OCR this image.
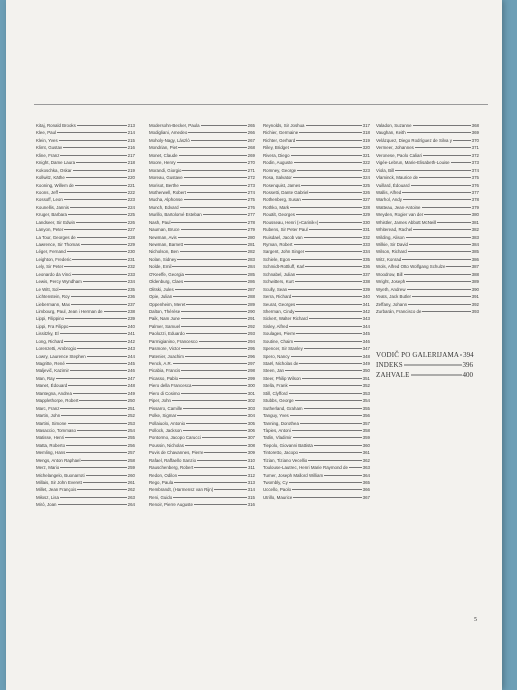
Kitaj, Ronald Brooks	213
Klee, Paul	214
Klein, Yves	215
Klimt, Gustav	216
Kline, Franz	217
Knight, Dame Laura	218
Kokoschka, Oskar	219
Kollwitz, Käthe	220
Kooning, Willem de	221
Koons, Jeff	222
Kossoff, Leon	223
Kounellis, Jannis	224
Kruger, Barbara	225
Landseer, Sir Edwin	226
Lanyon, Peter	227
La Tour, Georges de	228
Lawrence, Sir Thomas	229
Léger, Fernand	230
Leighton, Frederic	231
Lely, Sir Peter	232
Leonardo da Vinci	233
Lewis, Percy Wyndham	234
Le Witt, Sol	235
Lichtenstein, Roy	236
Liebermann, Max	237
Limbourg, Paul, Jean i Herman de	238
Lippi, Filippino	239
Lippi, Fra Filippo	240
Lissitzky, El	241
Long, Richard	242
Lorenzetti, Ambrogio	243
Lowry, Laurence Stephen	244
Magritte, René	245
Maljevič, Kazimir	246
Man, Ray	247
Manet, Édouard	248
Mantegna, Andrea	249
Mapplethorpe, Robert	250
Marc, Franz	251
Martin, John	252
Martini, Simone	253
Masaccio, Tommaso	254
Matisse, Henri	255
Matta, Roberto	256
Memling, Hans	257
Mengs, Anton Raphael	258
Merz, Mario	259
Michelangelo, Buonarroti	260
Millais, Sir John Everett	261
Millet, Jean François	262
Miłosz, Lisa	263
Miró, Joan	264
Modersohn-Becker, Paula	265
Modigliani, Amedeo	266
Moholy-Nagy, László	267
Mondrian, Piet	268
Monet, Claude	269
Moore, Henry	270
Morandi, Giorgio	271
Moreau, Gustave	272
Morisot, Berthe	273
Motherwell, Robert	274
Mucha, Alphonse	275
Munch, Edvard	276
Murillo, Bartolomé Esteban	277
Nash, Paul	278
Nauman, Bruce	279
Newman, Avis	280
Newman, Barnett	281
Nicholson, Ben	282
Nolan, Sidney	283
Nolde, Emil	284
O'Keeffe, Georgia	285
Oldenburg, Claes	286
Olitski, Jules	287
Opie, Julian	288
Oppenheim, Meret	289
Dalton, Thérèse	290
Paik, Nam June	291
Palmer, Samuel	292
Paolozzi, Eduardo	293
Parmigianino, Francesco	294
Pasmore, Victor	295
Patenier, Joachim	296
Penck, A.R.	297
Picabia, Francis	298
Picasso, Pablo	299
Piero della Francesca	300
Piero di Cosimo	301
Piper, John	302
Pissarro, Camille	303
Polke, Sigmar	304
Pollaiuolo, Antonio	305
Pollock, Jackson	306
Pontormo, Jacopo Carucci	307
Poussin, Nicholas	308
Puvis de Chavannes, Pierre	309
Rafael, Raffaello Sanzio	310
Rauschenberg, Robert	311
Redon, Odilon	312
Rego, Paula	313
Rembrandt, (Harmensz van Rijn)	314
Reni, Guido	315
Renoir, Pierre Auguste	316
Reynolds, Sir Joshua	317
Richier, Germaine	318
Richter, Gerhard	319
Riley, Bridget	320
Rivera, Diego	321
Rodin, Auguste	322
Romney, George	323
Rosa, Salvator	324
Rosenquist, James	325
Rossetti, Dante Gabriel	326
Rothenberg, Susan	327
Rothko, Mark	328
Rouält, Georges	329
Rousseau, Henri (»Carinik«)	330
Rubens, Sir Peter Paul	331
Ruisdael, Jacob van	332
Ryman, Robert	333
Sargent, John Singer	334
Schiele, Egon	335
Schmidt-Rottluff, Karl	336
Schnabel, Julian	337
Schwitters, Kurt	338
Scully, Sean	339
Serra, Richard	340
Seurat, Georges	341
Sherman, Cindy	342
Sickert, Walter Richard	343
Sisley, Alfred	344
Soulages, Pierre	345
Soutine, Chaim	346
Spencer, Sir Stanley	347
Spero, Nancy	348
Staël, Nicholas de	349
Steen, Jan	350
Steer, Philip Wilson	351
Stella, Frank	352
Still, Clyfford	353
Stubbs, George	354
Sutherland, Graham	355
Tanguy, Yves	356
Tanning, Dorothea	357
Tàpies, Antoni	358
Tatlin, Vladimir	359
Tiepolo, Giovanni Battista	360
Tintoretto, Jacopo	361
Tizian, Tiziano Vecellio	362
Toulouse-Lautrec, Henri Marie Raymond de	363
Turner, Joseph Mallord William	364
Twombly, Cy	365
Uccello, Paolo	366
Utrillo, Maurice	367
Valadon, Suzanne	368
Vaughan, Keith	369
Velázquez, Diego Rodríguez de Silva y	370
Vermeer, Johannes	371
Veronese, Paolo Caliari	372
Vigée-Lebrun, Marie-Elisabeth-Louise	373
Viola, Bill	374
Vlaminck, Maurice de	375
Vuillard, Édouard	376
Wallis, Alfred	377
Warhol, Andy	378
Watteau, Jean-Antoine	379
Weyden, Rogier van der	380
Whistler, James Abbott McNeill	381
Whiteread, Rachel	382
Wilding, Alison	383
Wilkie, Sir David	384
Wilson, Richard	385
Witz, Konrad	386
Wols, Alfred Otto Wolfgang Schulze	387
Woodrow, Bill	388
Wright, Joseph	389
Wyeth, Andrew	390
Yeats, Jack Butler	391
Zeffany, Johann	392
Zurbarán, Francisco de	393
VODIČ PO GALERIJAMA 394
INDEKS	396
ZAHVALE	400
5
